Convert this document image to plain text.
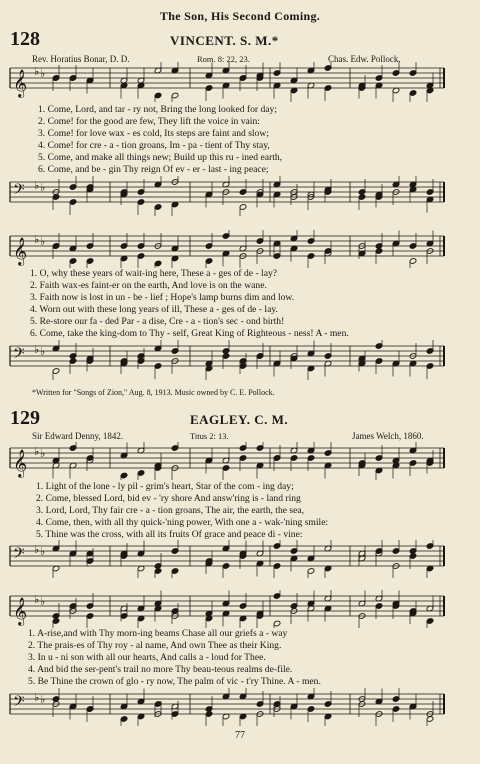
The Son, His Second Coming.
128	VINCENT. S. M.*
Rev. Horatius Bonar, D. D.	Rom. 8: 22, 23.	Chas. Edw. Pollock.
𝄞 ♭ ♭
1. Come, Lord, and tar - ry not, Bring the long looked for day;
2. Come! for the good are few, They lift the voice in vain:
3. Come! for love wax - es cold, Its steps are faint and slow;
4. Come! for cre - a - tion groans, Im - pa - tient of Thy stay,
5. Come, and make all things new; Build up this ru - ined earth,
6. Come, and be - gin Thy reign Of ev - er - last - ing peace;
𝄢 ♭ ♭
𝄞 ♭ ♭
1. O, why these years of wait-ing here, These a - ges of de - lay?
2. Faith wax-es faint-er on the earth, And love is on the wane.
3. Faith now is lost in un - be - lief ; Hope's lamp burns dim and low.
4. Worn out with these long years of ill, These a - ges of de - lay.
5. Re-store our fa - ded Par - a dise, Cre - a - tion's sec - ond birth!
6. Come, take the king-dom to Thy - self, Great King of Righteous - ness! A - men.
𝄢 ♭ ♭
*Written for "Songs of Zion," Aug. 8, 1913. Music owned by C. E. Pollock.
129	EAGLEY. C. M.
Sir Edward Denny, 1842.	Titus 2: 13.	James Welch, 1860.
𝄞 ♭ ♭
1. Light of the lone - ly pil - grim's heart, Star of the com - ing day;
2. Come, blessed Lord, bid ev - 'ry shore And answ'ring is - land ring
3. Lord, Lord, Thy fair cre - a - tion groans, The air, the earth, the sea,
4. Come, then, with all thy quick-'ning power, With one a - wak-'ning smile:
5. Thine was the cross, with all its fruits Of grace and peace di - vine:
𝄢 ♭ ♭
𝄞 ♭ ♭
1. A-rise,and with Thy morn-ing beams Chase all our griefs a - way
2. The prais-es of Thy roy - al name, And own Thee as their King.
3. In u - ni son with all our hearts, And calls a - loud for Thee.
4. And bid the ser-pent's trail no more Thy beau-teous realms de-file.
5. Be Thine the crown of glo - ry now, The palm of vic - t'ry Thine. A - men.
𝄢 ♭ ♭
77
